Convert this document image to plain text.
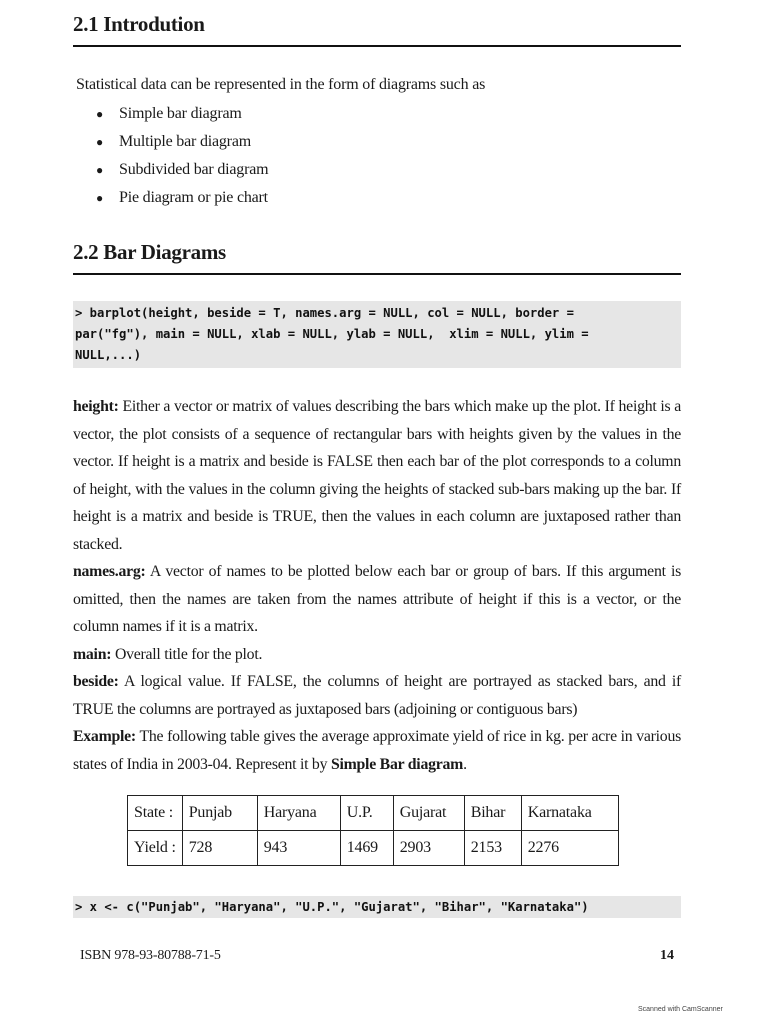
2.1 Introdution
Statistical data can be represented in the form of diagrams such as
● Simple bar diagram
● Multiple bar diagram
● Subdivided bar diagram
● Pie diagram or pie chart
2.2 Bar Diagrams
> barplot(height, beside = T, names.arg = NULL, col = NULL, border =
par("fg"), main = NULL, xlab = NULL, ylab = NULL,  xlim = NULL, ylim =
NULL,...)

height: Either a vector or matrix of values describing the bars which make up the plot. If height is a vector, the plot consists of a sequence of rectangular bars with heights given by the values in the vector. If height is a matrix and beside is FALSE then each bar of the plot corresponds to a column of height, with the values in the column giving the heights of stacked sub-bars making up the bar. If height is a matrix and beside is TRUE, then the values in each column are juxtaposed rather than stacked.

names.arg: A vector of names to be plotted below each bar or group of bars. If this argument is omitted, then the names are taken from the names attribute of height if this is a vector, or the column names if it is a matrix.

main: Overall title for the plot.

beside: A logical value. If FALSE, the columns of height are portrayed as stacked bars, and if TRUE the columns are portrayed as juxtaposed bars (adjoining or contiguous bars)

Example: The following table gives the average approximate yield of rice in kg. per acre in various states of India in 2003-04. Represent it by Simple Bar diagram.

State :	Punjab	Haryana	U.P.	Gujarat	Bihar	Karnataka
Yield :	728	943	1469	2903	2153	2276
> x <- c("Punjab", "Haryana", "U.P.", "Gujarat", "Bihar", "Karnataka")
ISBN 978-93-80788-71-5	14
Scanned with CamScanner
